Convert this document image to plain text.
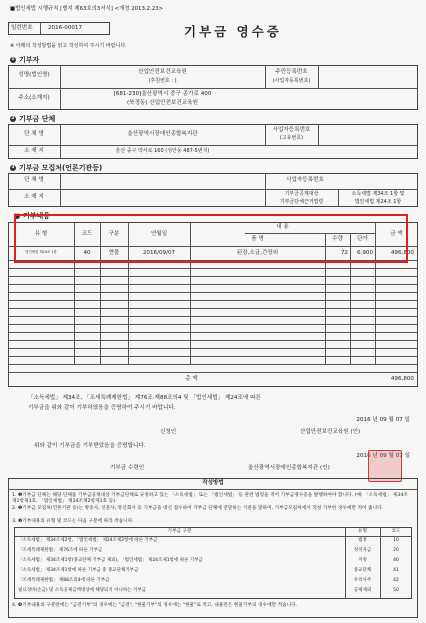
■법인세법 시행규칙 [별지 제63호의3서식] <개정 2013.2.23>
일련번호	2016-00017	기부금 영수증
※ 아래의 작성방법을 읽고 작성하여 주시기 바랍니다.
1 기부자
성명(법인명)	산업안전보건교육원
(후원번호 : )
주민등록번호
(사업자등록번호)
주소(소재지)
[681-230]울산광역시 중구 종가로 400
(북정동) 산업안전보건교육원
2 기부금 단체
단 체 명	울산광역시장애인종합복지관
사업자등록번호
(고유번호)
소 재 지	울산 중구 약사로 160 (성안동 487-5번지)
3 기부금 모집처(언론기관등)
단 체 명	사업자등록번호
소 재 지	기부금공제대상
기부금단체근거법령
소득세법 제34조 1항 및
법인세법 제24조 1항
4 기부내용
유 형	코드	구분	연월일
내 용
품 명	수량	단가
금 액
법인세법 제24조 1항	40	현물	2016/09/07	된장,소금,간장외	72	6,900	496,800
총 액	496,800
「소득세법」 제34조, 「조세특례제한법」 제76조·제88조의4 및 「법인세법」 제24조에 따른
기부금을 위와 같이 기부하였음을 증명하여 주시기 바랍니다.
2016 년 09 월 07 일
신청인	산업안전보건교육원 (인)
위와 같이 기부금을 기부받았음을 증명합니다.
2016 년 09 월 07 일
기부금 수령인	울산광역시장애인종합복지관 (인)
작성방법
1. ❶기부금 단체는 해당 단체를 기부금공제대상 기부금단체로 규정하고 있는 「소득세법」 또는 「법인세법」 등 관련 법령을 적어 기부금영수증을 발행하여야 합니다. (예: 「소득세법」 제34조제1항제1호, 「법인세법」 제24조제2항제1호 등)
2. ❷기부금 모집처(언론기관 등)는 방송사, 신문사, 통신회사 등 기부금을 대신 접수하여 기부금 단체에 전달하는 기관을 말하며, 기부금모집처에서 작성 기부한 경우에만 적어 줍니다.
3. ❸기부내용의 유형 및 코드는 다음 구분에 따라 적습니다.
기부금 구분	유형	코드
「소득세법」 제34조제2항, 「법인세법」 제24조제2항에 따른 기부금	법정	10
「조세특례제한법」 제76조에 따른 기부금	정치자금	20
「소득세법」 제34조제1항(종교단체 기부금 제외), 「법인세법」 제24조제1항에 따른 기부금	지정	40
「소득세법」 제34조제1항에 따른 기부금 중 종교단체기부금	종교단체	41
「조세특례제한법」 제88조의4에 따른 기부금	우리사주	42
필요경비(손금) 및 소득공제금액대상에 해당되지 아니하는 기부금	공제제외	50
4. ❹기부내용의 구분란에는 "금전기부"의 경우에는 "금전", "현물기부"의 경우에는 "현물"로 적고, 내용란은 현물기부의 경우에만 적습니다.
